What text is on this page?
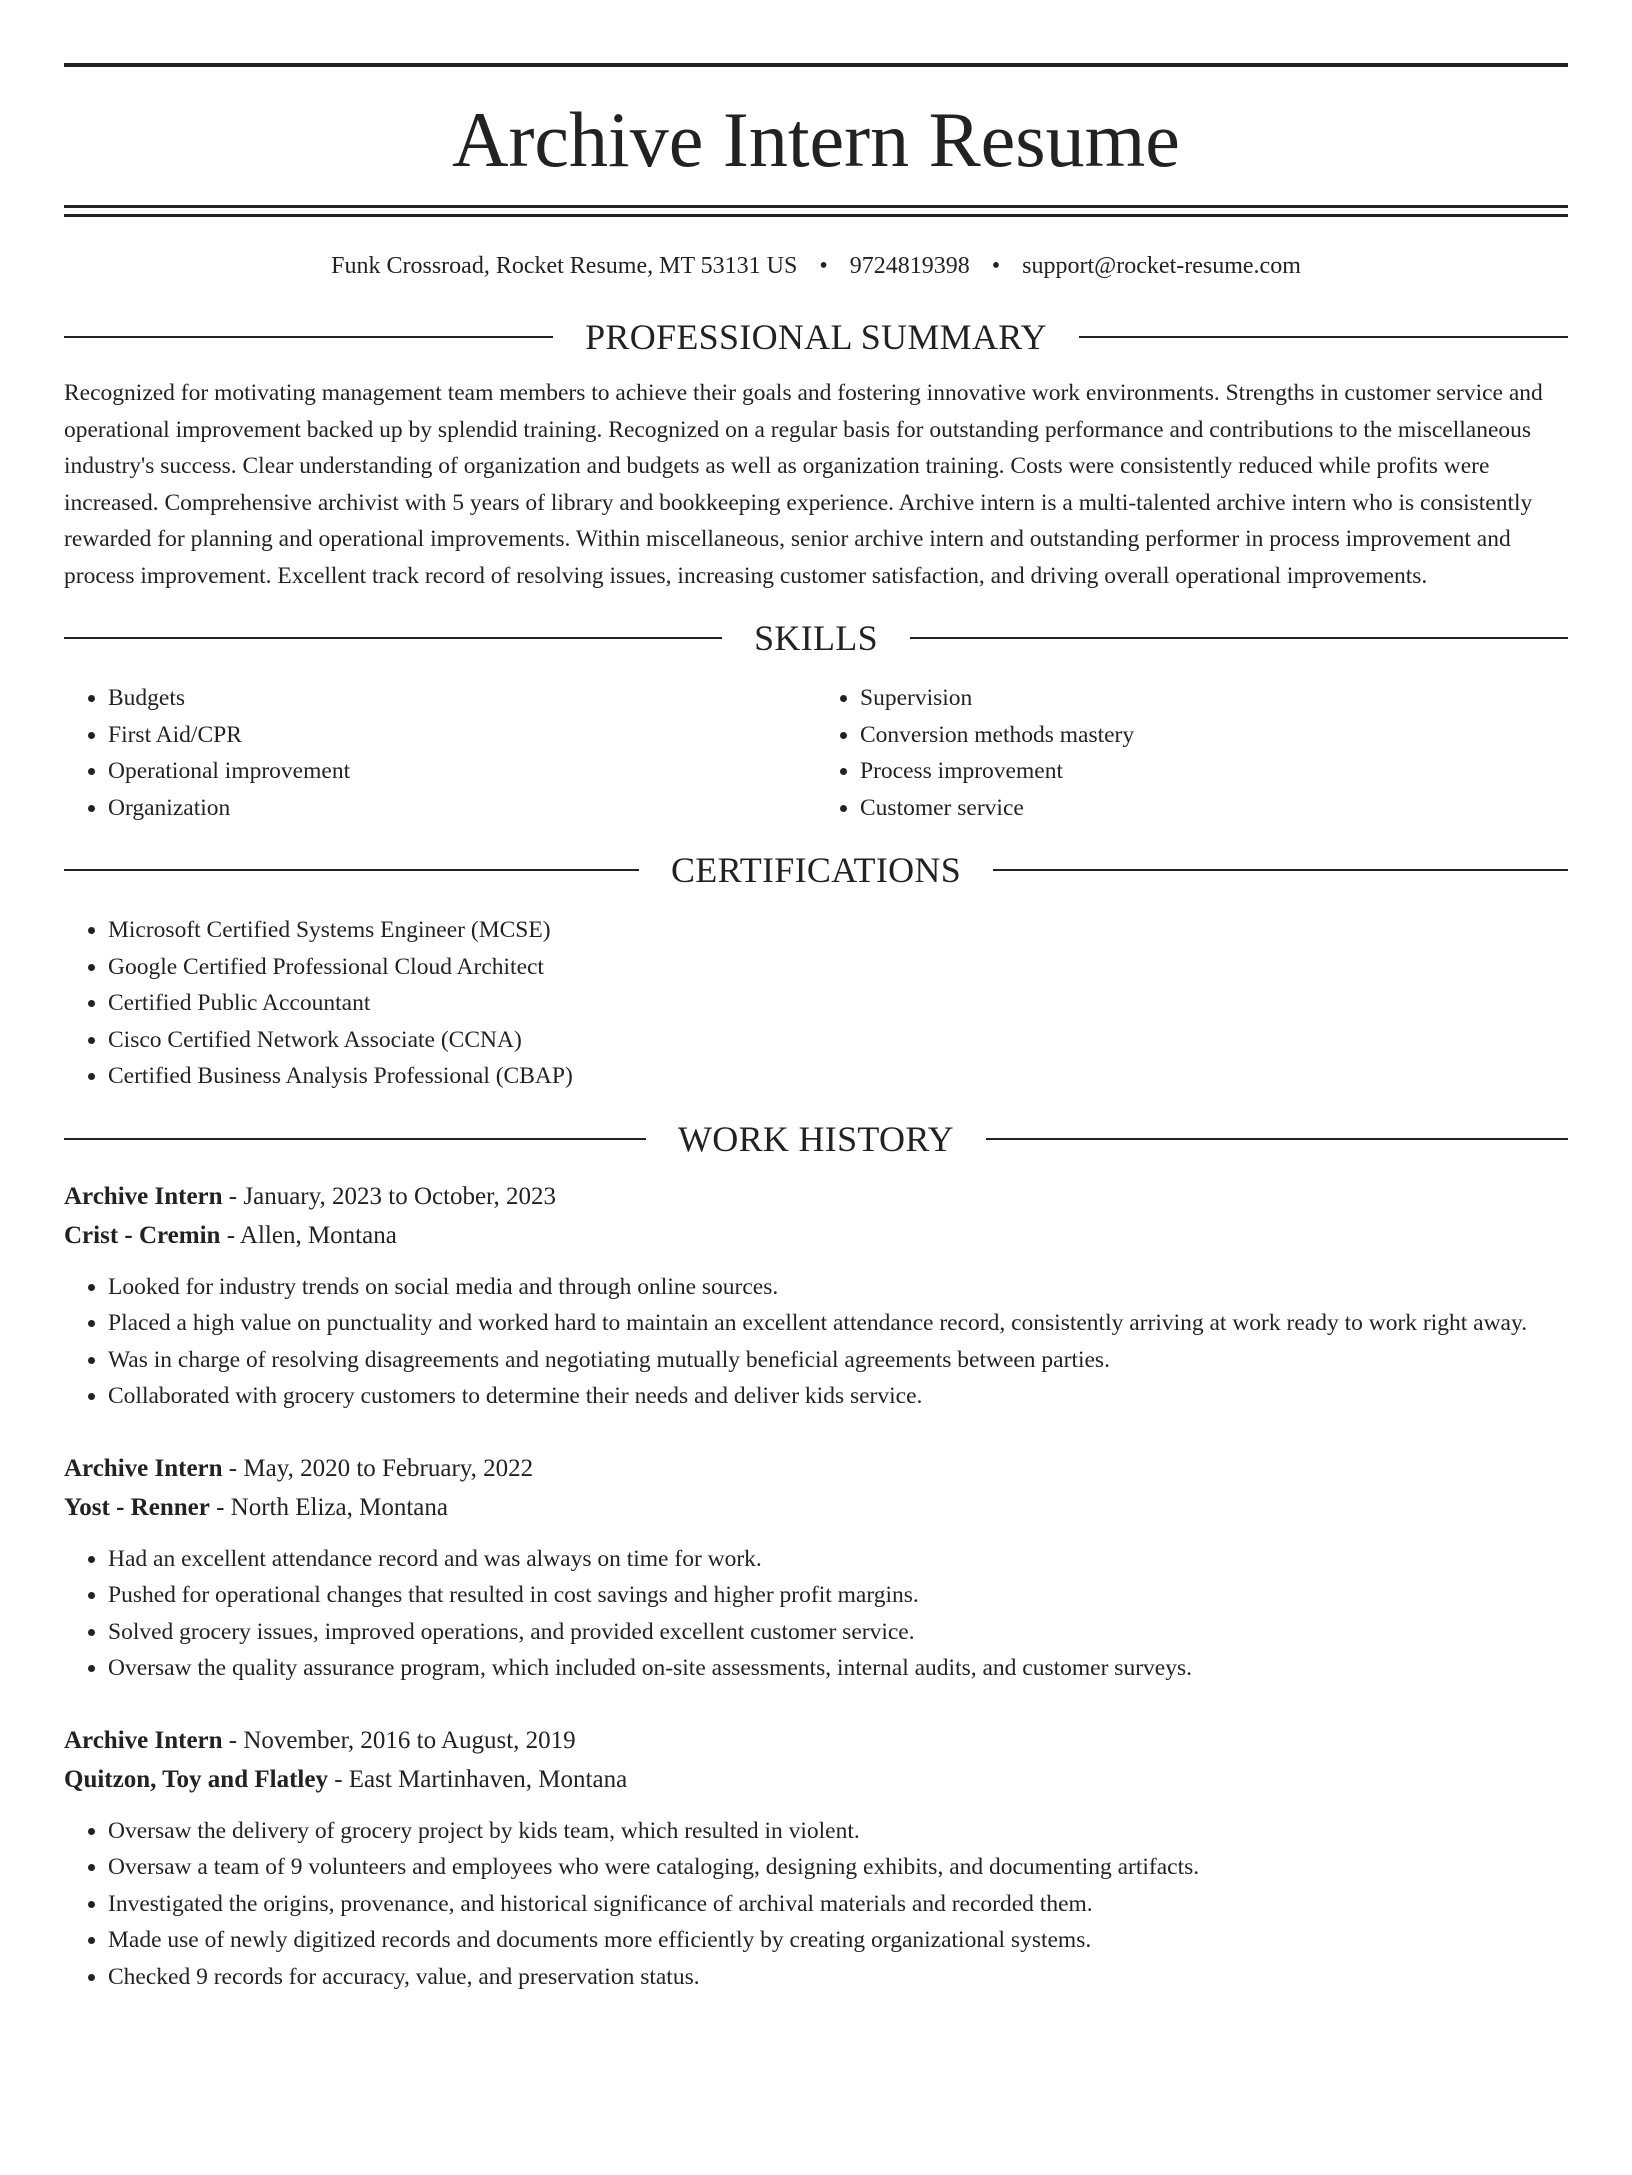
Archive Intern Resume
Funk Crossroad, Rocket Resume, MT 53131 US • 9724819398 • support@rocket-resume.com
PROFESSIONAL SUMMARY

Recognized for motivating management team members to achieve their goals and fostering innovative work environments. Strengths in customer service and operational improvement backed up by splendid training. Recognized on a regular basis for outstanding performance and contributions to the miscellaneous industry's success. Clear understanding of organization and budgets as well as organization training. Costs were consistently reduced while profits were increased. Comprehensive archivist with 5 years of library and bookkeeping experience. Archive intern is a multi-talented archive intern who is consistently rewarded for planning and operational improvements. Within miscellaneous, senior archive intern and outstanding performer in process improvement and process improvement. Excellent track record of resolving issues, increasing customer satisfaction, and driving overall operational improvements.

SKILLS
• Budgets
• First Aid/CPR
• Operational improvement
• Organization
• Supervision
• Conversion methods mastery
• Process improvement
• Customer service
CERTIFICATIONS
• Microsoft Certified Systems Engineer (MCSE)
• Google Certified Professional Cloud Architect
• Certified Public Accountant
• Cisco Certified Network Associate (CCNA)
• Certified Business Analysis Professional (CBAP)
WORK HISTORY
Archive Intern - January, 2023 to October, 2023
Crist - Cremin - Allen, Montana
• Looked for industry trends on social media and through online sources.
• Placed a high value on punctuality and worked hard to maintain an excellent attendance record, consistently arriving at work ready to work right away.
• Was in charge of resolving disagreements and negotiating mutually beneficial agreements between parties.
• Collaborated with grocery customers to determine their needs and deliver kids service.
Archive Intern - May, 2020 to February, 2022
Yost - Renner - North Eliza, Montana
• Had an excellent attendance record and was always on time for work.
• Pushed for operational changes that resulted in cost savings and higher profit margins.
• Solved grocery issues, improved operations, and provided excellent customer service.
• Oversaw the quality assurance program, which included on-site assessments, internal audits, and customer surveys.
Archive Intern - November, 2016 to August, 2019
Quitzon, Toy and Flatley - East Martinhaven, Montana
• Oversaw the delivery of grocery project by kids team, which resulted in violent.
• Oversaw a team of 9 volunteers and employees who were cataloging, designing exhibits, and documenting artifacts.
• Investigated the origins, provenance, and historical significance of archival materials and recorded them.
• Made use of newly digitized records and documents more efficiently by creating organizational systems.
• Checked 9 records for accuracy, value, and preservation status.
